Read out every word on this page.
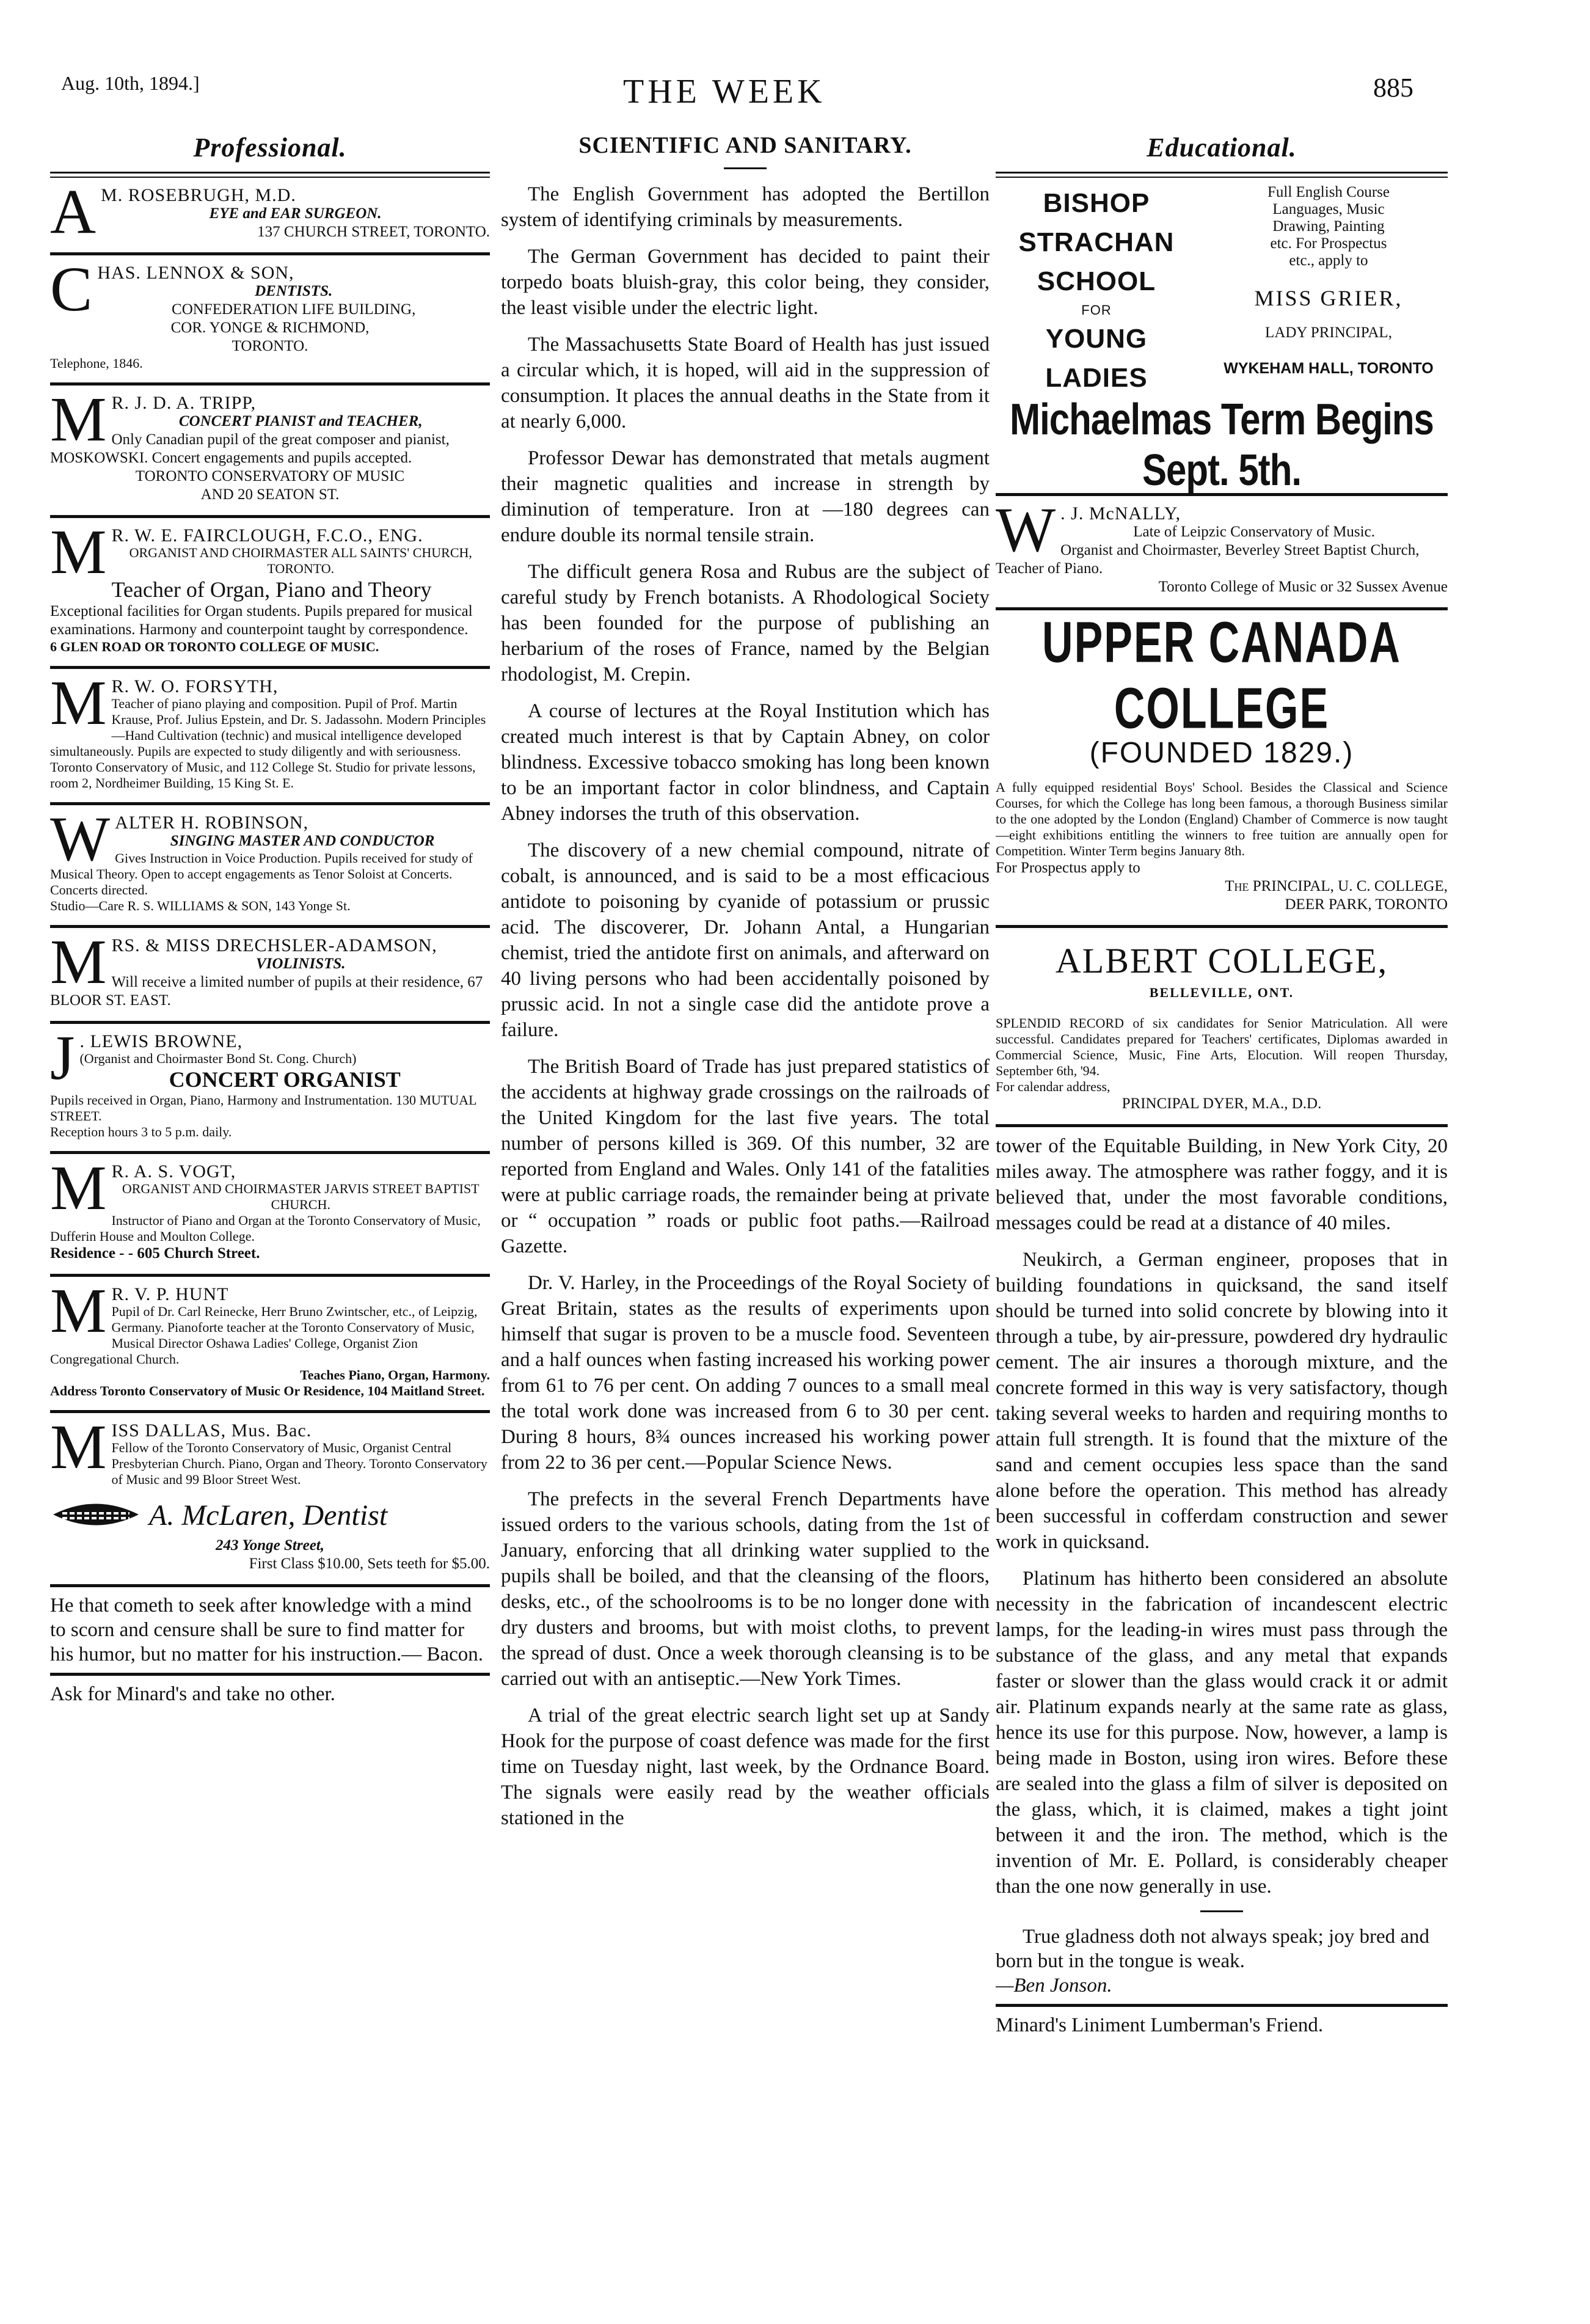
Aug. 10th, 1894.]	THE WEEK	885
Professional.
A M. ROSEBRUGH, M.D.

EYE and EAR SURGEON.

137 CHURCH STREET, TORONTO.

C HAS. LENNOX & SON,

DENTISTS.

CONFEDERATION LIFE BUILDING,

COR. YONGE & RICHMOND,

TORONTO.

Telephone, 1846.

M R. J. D. A. TRIPP,

CONCERT PIANIST and TEACHER,

Only Canadian pupil of the great composer and pianist, MOSKOWSKI. Concert engagements and pupils accepted.

TORONTO CONSERVATORY OF MUSIC

AND 20 SEATON ST.

M R. W. E. FAIRCLOUGH, F.C.O., ENG.

ORGANIST AND CHOIRMASTER ALL SAINTS' CHURCH, TORONTO.

Teacher of Organ, Piano and Theory

Exceptional facilities for Organ students. Pupils prepared for musical examinations. Harmony and counterpoint taught by correspondence.

6 GLEN ROAD OR TORONTO COLLEGE OF MUSIC.

M R. W. O. FORSYTH,

Teacher of piano playing and composition. Pupil of Prof. Martin Krause, Prof. Julius Epstein, and Dr. S. Jadassohn. Modern Principles—Hand Cultivation (technic) and musical intelligence developed simultaneously. Pupils are expected to study diligently and with seriousness. Toronto Conservatory of Music, and 112 College St. Studio for private lessons, room 2, Nordheimer Building, 15 King St. E.

W ALTER H. ROBINSON,

SINGING MASTER AND CONDUCTOR

Gives Instruction in Voice Production. Pupils received for study of Musical Theory. Open to accept engagements as Tenor Soloist at Concerts. Concerts directed.

Studio—Care R. S. WILLIAMS & SON, 143 Yonge St.

M RS. & MISS DRECHSLER-ADAMSON,

VIOLINISTS.

Will receive a limited number of pupils at their residence, 67 BLOOR ST. EAST.

J . LEWIS BROWNE,

(Organist and Choirmaster Bond St. Cong. Church)

CONCERT ORGANIST

Pupils received in Organ, Piano, Harmony and Instrumentation. 130 MUTUAL STREET.

Reception hours 3 to 5 p.m. daily.

M R. A. S. VOGT,

ORGANIST AND CHOIRMASTER JARVIS STREET BAPTIST CHURCH.

Instructor of Piano and Organ at the Toronto Conservatory of Music, Dufferin House and Moulton College.

Residence - - 605 Church Street.

M R. V. P. HUNT

Pupil of Dr. Carl Reinecke, Herr Bruno Zwintscher, etc., of Leipzig, Germany. Pianoforte teacher at the Toronto Conservatory of Music, Musical Director Oshawa Ladies' College, Organist Zion Congregational Church.

Teaches Piano, Organ, Harmony.

Address Toronto Conservatory of Music Or Residence, 104 Maitland Street.

M ISS DALLAS, Mus. Bac.

Fellow of the Toronto Conservatory of Music, Organist Central Presbyterian Church. Piano, Organ and Theory. Toronto Conservatory of Music and 99 Bloor Street West.

A. McLaren, Dentist

243 Yonge Street,

First Class $10.00, Sets teeth for $5.00.

He that cometh to seek after knowledge with a mind to scorn and censure shall be sure to find matter for his humor, but no matter for his instruction.— Bacon.

Ask for Minard's and take no other.

SCIENTIFIC AND SANITARY.

The English Government has adopted the Bertillon system of identifying criminals by measurements.

The German Government has decided to paint their torpedo boats bluish-gray, this color being, they consider, the least visible under the electric light.

The Massachusetts State Board of Health has just issued a circular which, it is hoped, will aid in the suppression of consumption. It places the annual deaths in the State from it at nearly 6,000.

Professor Dewar has demonstrated that metals augment their magnetic qualities and increase in strength by diminution of temperature. Iron at —180 degrees can endure double its normal tensile strain.

The difficult genera Rosa and Rubus are the subject of careful study by French botanists. A Rhodological Society has been founded for the purpose of publishing an herbarium of the roses of France, named by the Belgian rhodologist, M. Crepin.

A course of lectures at the Royal Institution which has created much interest is that by Captain Abney, on color blindness. Excessive tobacco smoking has long been known to be an important factor in color blindness, and Captain Abney indorses the truth of this observation.

The discovery of a new chemial compound, nitrate of cobalt, is announced, and is said to be a most efficacious antidote to poisoning by cyanide of potassium or prussic acid. The discoverer, Dr. Johann Antal, a Hungarian chemist, tried the antidote first on animals, and afterward on 40 living persons who had been accidentally poisoned by prussic acid. In not a single case did the antidote prove a failure.

The British Board of Trade has just prepared statistics of the accidents at highway grade crossings on the railroads of the United Kingdom for the last five years. The total number of persons killed is 369. Of this number, 32 are reported from England and Wales. Only 141 of the fatalities were at public carriage roads, the remainder being at private or “ occupation ” roads or public foot paths.—Railroad Gazette.

Dr. V. Harley, in the Proceedings of the Royal Society of Great Britain, states as the results of experiments upon himself that sugar is proven to be a muscle food. Seventeen and a half ounces when fasting increased his working power from 61 to 76 per cent. On adding 7 ounces to a small meal the total work done was increased from 6 to 30 per cent. During 8 hours, 8¾ ounces increased his working power from 22 to 36 per cent.—Popular Science News.

The prefects in the several French Departments have issued orders to the various schools, dating from the 1st of January, enforcing that all drinking water supplied to the pupils shall be boiled, and that the cleansing of the floors, desks, etc., of the schoolrooms is to be no longer done with dry dusters and brooms, but with moist cloths, to prevent the spread of dust. Once a week thorough cleansing is to be carried out with an antiseptic.—New York Times.

A trial of the great electric search light set up at Sandy Hook for the purpose of coast defence was made for the first time on Tuesday night, last week, by the Ordnance Board. The signals were easily read by the weather officials stationed in the

Educational.
BISHOP
STRACHAN
SCHOOL
FOR
YOUNG LADIES
Full English Course
Languages, Music
Drawing, Painting
etc. For Prospectus
etc., apply to
MISS GRIER,
LADY PRINCIPAL,
WYKEHAM HALL, TORONTO
Michaelmas Term Begins Sept. 5th.
W . J. McNALLY,

Late of Leipzic Conservatory of Music.

Organist and Choirmaster, Beverley Street Baptist Church, Teacher of Piano.

Toronto College of Music or 32 Sussex Avenue

UPPER CANADA COLLEGE
(FOUNDED 1829.)

A fully equipped residential Boys' School. Besides the Classical and Science Courses, for which the College has long been famous, a thorough Business similar to the one adopted by the London (England) Chamber of Commerce is now taught—eight exhibitions entitling the winners to free tuition are annually open for Competition. Winter Term begins January 8th.

For Prospectus apply to

The PRINCIPAL, U. C. COLLEGE,

DEER PARK, TORONTO

ALBERT COLLEGE,
BELLEVILLE, ONT.

SPLENDID RECORD of six candidates for Senior Matriculation. All were successful. Candidates prepared for Teachers' certificates, Diplomas awarded in Commercial Science, Music, Fine Arts, Elocution. Will reopen Thursday, September 6th, '94.

For calendar address,

PRINCIPAL DYER, M.A., D.D.

tower of the Equitable Building, in New York City, 20 miles away. The atmosphere was rather foggy, and it is believed that, under the most favorable conditions, messages could be read at a distance of 40 miles.

Neukirch, a German engineer, proposes that in building foundations in quicksand, the sand itself should be turned into solid concrete by blowing into it through a tube, by air-pressure, powdered dry hydraulic cement. The air insures a thorough mixture, and the concrete formed in this way is very satisfactory, though taking several weeks to harden and requiring months to attain full strength. It is found that the mixture of the sand and cement occupies less space than the sand alone before the operation. This method has already been successful in cofferdam construction and sewer work in quicksand.

Platinum has hitherto been considered an absolute necessity in the fabrication of incandescent electric lamps, for the leading-in wires must pass through the substance of the glass, and any metal that expands faster or slower than the glass would crack it or admit air. Platinum expands nearly at the same rate as glass, hence its use for this purpose. Now, however, a lamp is being made in Boston, using iron wires. Before these are sealed into the glass a film of silver is deposited on the glass, which, it is claimed, makes a tight joint between it and the iron. The method, which is the invention of Mr. E. Pollard, is considerably cheaper than the one now generally in use.

True gladness doth not always speak; joy bred and born but in the tongue is weak.

—Ben Jonson.

Minard's Liniment Lumberman's Friend.
